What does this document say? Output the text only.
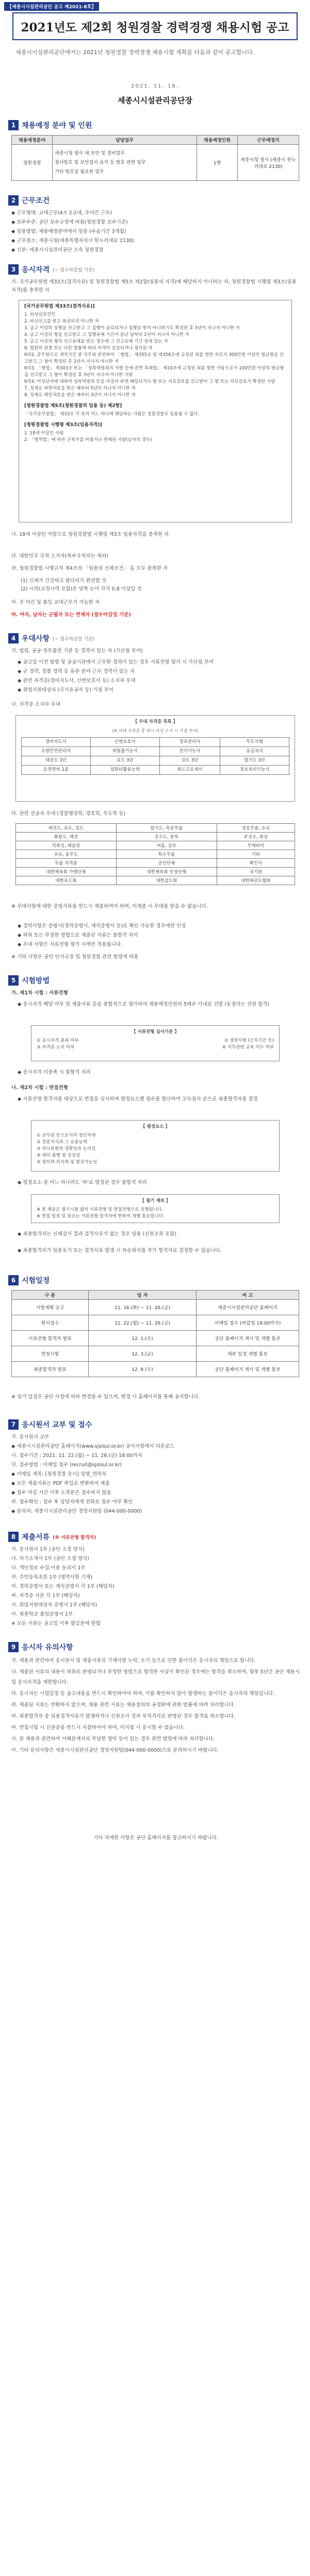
【세종시시설관리공단 공고 제2021-8호】
2021년도 제2회 청원경찰 경력경쟁 채용시험 공고
세종시시설관리공단에서는 2021년 청원경찰 경력경쟁 채용시험 계획을 다음과 같이 공고합니다.
2021. 11. 16.
세종시시설관리공단장
1 채용예정 분야 및 인원
채용예정분야	담당업무	채용예정인원	근무예정지
청원경찰	세종시청 청사 내 보안 및 경비업무
청사방호 및 보안질서 유지 등 방호 관련 업무
기타 방호상 필요한 업무	1명	세종시청 청사 (세종시 한누리대로 2130)
2 근무조건
◆ 근무형태: 교대근무(4조 2교대, 주야간 근무)
◆ 보수수준: 공단 보수규정에 따름(청원경찰 보수기준)
◆ 임용방법: 채용예정분야에서 임용 (수습기간 3개월)
◆ 근무장소: 세종시청(세종특별자치시 한누리대로 2130)
◆ 신분: 세종시시설관리공단 소속 청원경찰
3 응시자격 (~ 접수마감일 기준)
가. 국가공무원법 제33조(결격사유) 및 청원경찰법 제5조 제2항(임용의 자격)에 해당하지 아니하는 자, 청원경찰법 시행령 제3조(임용자격)를 충족한 자
[국가공무원법 제33조(결격사유)]
1. 피성년후견인
2. 파산선고를 받고 복권되지 아니한 자
3. 금고 이상의 실형을 선고받고 그 집행이 종료되거나 집행을 받지 아니하기로 확정된 후 5년이 지나지 아니한 자
4. 금고 이상의 형을 선고받고 그 집행유예 기간이 끝난 날부터 2년이 지나지 아니한 자
5. 금고 이상의 형의 선고유예를 받은 경우에 그 선고유예 기간 중에 있는 자
6. 법원의 판결 또는 다른 법률에 따라 자격이 상실되거나 정지된 자
6의2. 공무원으로 재직기간 중 직무와 관련하여 「형법」 제355조 및 제356조에 규정된 죄를 범한 자로서 300만원 이상의 벌금형을 선고받고 그 형이 확정된 후 2년이 지나지 아니한 자
6의3. 「형법」 제303조 또는 「성폭력범죄의 처벌 등에 관한 특례법」 제10조에 규정된 죄를 범한 사람으로서 100만원 이상의 벌금형을 선고받고 그 형이 확정된 후 3년이 지나지 아니한 사람
6의4. 미성년자에 대하여 성폭력범죄 등을 저질러 파면·해임되거나 형 또는 치료감호를 선고받아 그 형 또는 치료감호가 확정된 사람
7. 징계로 파면처분을 받은 때부터 5년이 지나지 아니한 자
8. 징계로 해임처분을 받은 때부터 3년이 지나지 아니한 자
[청원경찰법 제5조(청원경찰의 임용 등) 제2항]
「국가공무원법」 제33조 각 호의 어느 하나에 해당하는 사람은 청원경찰로 임용될 수 없다.
[청원경찰법 시행령 제3조(임용자격)]
1. 18세 이상인 사람
2. 「병역법」에 따른 군복무를 마쳤거나 면제된 사람(남자의 경우)
나. 18세 이상인 사람으로 청원경찰법 시행령 제3조 임용자격을 충족한 자
다. 대한민국 국적 소지자(복수국적자는 제외)
라. 청원경찰법 시행규칙 제4조의 「임용의 신체조건」 을 모두 충족한 자
(1) 신체가 건강하고 팔다리가 완전할 것
(2) 시력(교정시력 포함)은 양쪽 눈이 각각 0.8 이상일 것
마. 주 야간 및 휴일 교대근무가 가능한 자
바. 여자, 남자는 군필자 또는 면제자 (접수마감일 기준)
4 우대사항 (~ 접수마감일 기준)
가. 법령, 공공·정부출연 기관 등 경력이 있는 자 (가산점 부여)
◆ 공고일 이전 법령 및 공공기관에서 근무한 경력이 있는 경우 서류전형 평가 시 가산점 부여
◆ 군 경력, 경찰 경력 등 유관 분야 근무 경력이 있는 자
◆ 관련 자격증(경비지도사, 신변보호사 등) 소지자 우대
◆ 취업지원대상자 (국가유공자 등) 가점 부여
나. 자격증 소지자 우대
【 우대 자격증 목록 】
(※ 아래 자격증 중 하나 이상 소지 시 가점 부여)
경비지도사	신변보호사	경호관리사	무도사범
소방안전관리자	위험물기능사	전기기능사	응급처치
태권도 3단	유도 3단	검도 3단	합기도 3단
운전면허 1종	컴퓨터활용능력	워드프로세서	정보처리기능사
다. 관련 전공자 우대 (경찰행정학, 경호학, 무도학 등)
태권도, 유도, 검도	합기도, 특공무술	경호무술, 우슈
화랑도, 택견	공수도, 쿵푸	주짓수, 복싱
킥복싱, 레슬링	씨름, 삼보	무에타이
우슈, 용무도	특수무술	기타
무술 자격증	공인단체	확인서
대한체육회 가맹단체	대한체육회 인정단체	국기원
대한유도회	대한검도회	대한태권도협회
※ 우대사항에 대한 증빙서류를 반드시 제출하여야 하며, 미제출 시 우대를 받을 수 없습니다.
◆ 경력사항은 증명서(경력증명서, 재직증명서 등)로 확인 가능한 경우에만 인정
◆ 허위 또는 부정한 방법으로 제출된 서류는 불합격 처리
◆ 우대 사항은 서류전형 평가 시에만 적용됩니다.
※ 기타 사항은 공단 인사규정 및 청원경찰 관련 법령에 따름
5 시험방법
가. 제1차 시험 : 서류전형
◆ 응시자격 해당 여부 및 제출서류 등을 종합적으로 평가하여 채용예정인원의 5배수 이내로 선발 (동점자는 전원 합격)
【 서류전형 심사기준 】
① 응시자격 충족 여부	② 경력사항 (근무기간 등)
③ 자격증 소지 여부	④ 직무관련 교육 이수 여부
◆ 응시자격 미충족 시 불합격 처리
나. 제2차 시험 : 면접전형
◆ 서류전형 합격자를 대상으로 면접을 실시하며 평정요소별 점수를 합산하여 고득점자 순으로 최종합격자를 결정
【 평정요소 】
① 공무원 등으로서의 정신자세
② 전문지식과 그 응용능력
③ 의사표현의 정확성과 논리성
④ 예의·품행 및 성실성
⑤ 창의력·의지력 및 발전가능성
◆ 평정요소 중 어느 하나라도 '하'로 평정된 경우 불합격 처리
【 필기 제외 】
※ 본 채용은 필기시험 없이 서류전형 및 면접전형으로 진행됩니다.
※ 면접 일정 및 장소는 서류전형 합격자에 한하여 개별 통보합니다.
◆ 최종합격자는 신체검사 결과 결격사유가 없는 경우 임용 (신원조회 포함)
◆ 최종합격자가 임용포기 또는 결격사유 발생 시 차순위자를 추가 합격자로 결정할 수 있습니다.
6 시험일정
구 분	일 자	비 고
시험계획 공고	11. 16.(화) ~ 11. 26.(금)	세종시시설관리공단 홈페이지
원서접수	11. 22.(월) ~ 11. 26.(금)	이메일 접수 (마감일 18:00까지)
서류전형 합격자 발표	12. 1.(수)	공단 홈페이지 게시 및 개별 통보
면접시험	12. 3.(금)	세부 일정 개별 통보
최종합격자 발표	12. 8.(수)	공단 홈페이지 게시 및 개별 통보
※ 상기 일정은 공단 사정에 따라 변경될 수 있으며, 변경 시 홈페이지를 통해 공지합니다.
7 응시원서 교부 및 접수
가. 응시원서 교부
◆ 세종시시설관리공단 홈페이지(www.sjsisul.or.kr) 공지사항에서 다운로드
나. 접수기간 : 2021. 11. 22.(월) ~ 11. 26.(금) 18:00까지
다. 접수방법 : 이메일 접수 (recruit@sjsisul.or.kr)
◆ 이메일 제목: [청원경찰 응시] 성명_연락처
◆ 모든 제출서류는 PDF 파일로 변환하여 제출
◆ 접수 마감 시간 이후 도착분은 접수하지 않음
라. 접수확인 : 접수 후 담당자에게 전화로 접수 여부 확인
◆ 문의처: 세종시시설관리공단 경영지원팀 (044-000-0000)
8 제출서류 (※ 서류전형 합격자)
가. 응시원서 1부 (공단 소정 양식)
나. 자기소개서 1부 (공단 소정 양식)
다. 개인정보 수집·이용 동의서 1부
라. 주민등록초본 1부 (병역사항 기재)
마. 경력증명서 또는 재직증명서 각 1부 (해당자)
바. 자격증 사본 각 1부 (해당자)
사. 취업지원대상자 증명서 1부 (해당자)
아. 최종학교 졸업증명서 1부
※ 모든 서류는 공고일 이후 발급분에 한함
9 응시자 유의사항
가. 채용과 관련하여 응시원서 및 제출서류의 기재사항 누락, 오기 등으로 인한 불이익은 응시자의 책임으로 합니다.
나. 제출된 서류의 내용이 허위로 판명되거나 부정한 방법으로 합격한 사실이 확인된 경우에는 합격을 취소하며, 향후 5년간 공단 채용시험 응시자격을 제한합니다.
다. 응시자는 시험일정 등 공고내용을 반드시 확인하여야 하며, 이를 확인하지 않아 발생하는 불이익은 응시자의 책임입니다.
라. 제출된 서류는 반환하지 않으며, 채용 관련 서류는 채용절차의 공정화에 관한 법률에 따라 처리합니다.
마. 최종합격자 중 임용결격사유가 발생하거나 신원조사 결과 부적격자로 판명된 경우 합격을 취소합니다.
바. 면접시험 시 신분증을 반드시 지참하여야 하며, 미지참 시 응시할 수 없습니다.
사. 본 채용과 관련하여 이해관계자의 부당한 청탁 등이 있는 경우 관련 법령에 따라 처리합니다.
아. 기타 문의사항은 세종시시설관리공단 경영지원팀(044-000-0000)으로 문의하시기 바랍니다.
기타 자세한 사항은 공단 홈페이지를 참고하시기 바랍니다.
